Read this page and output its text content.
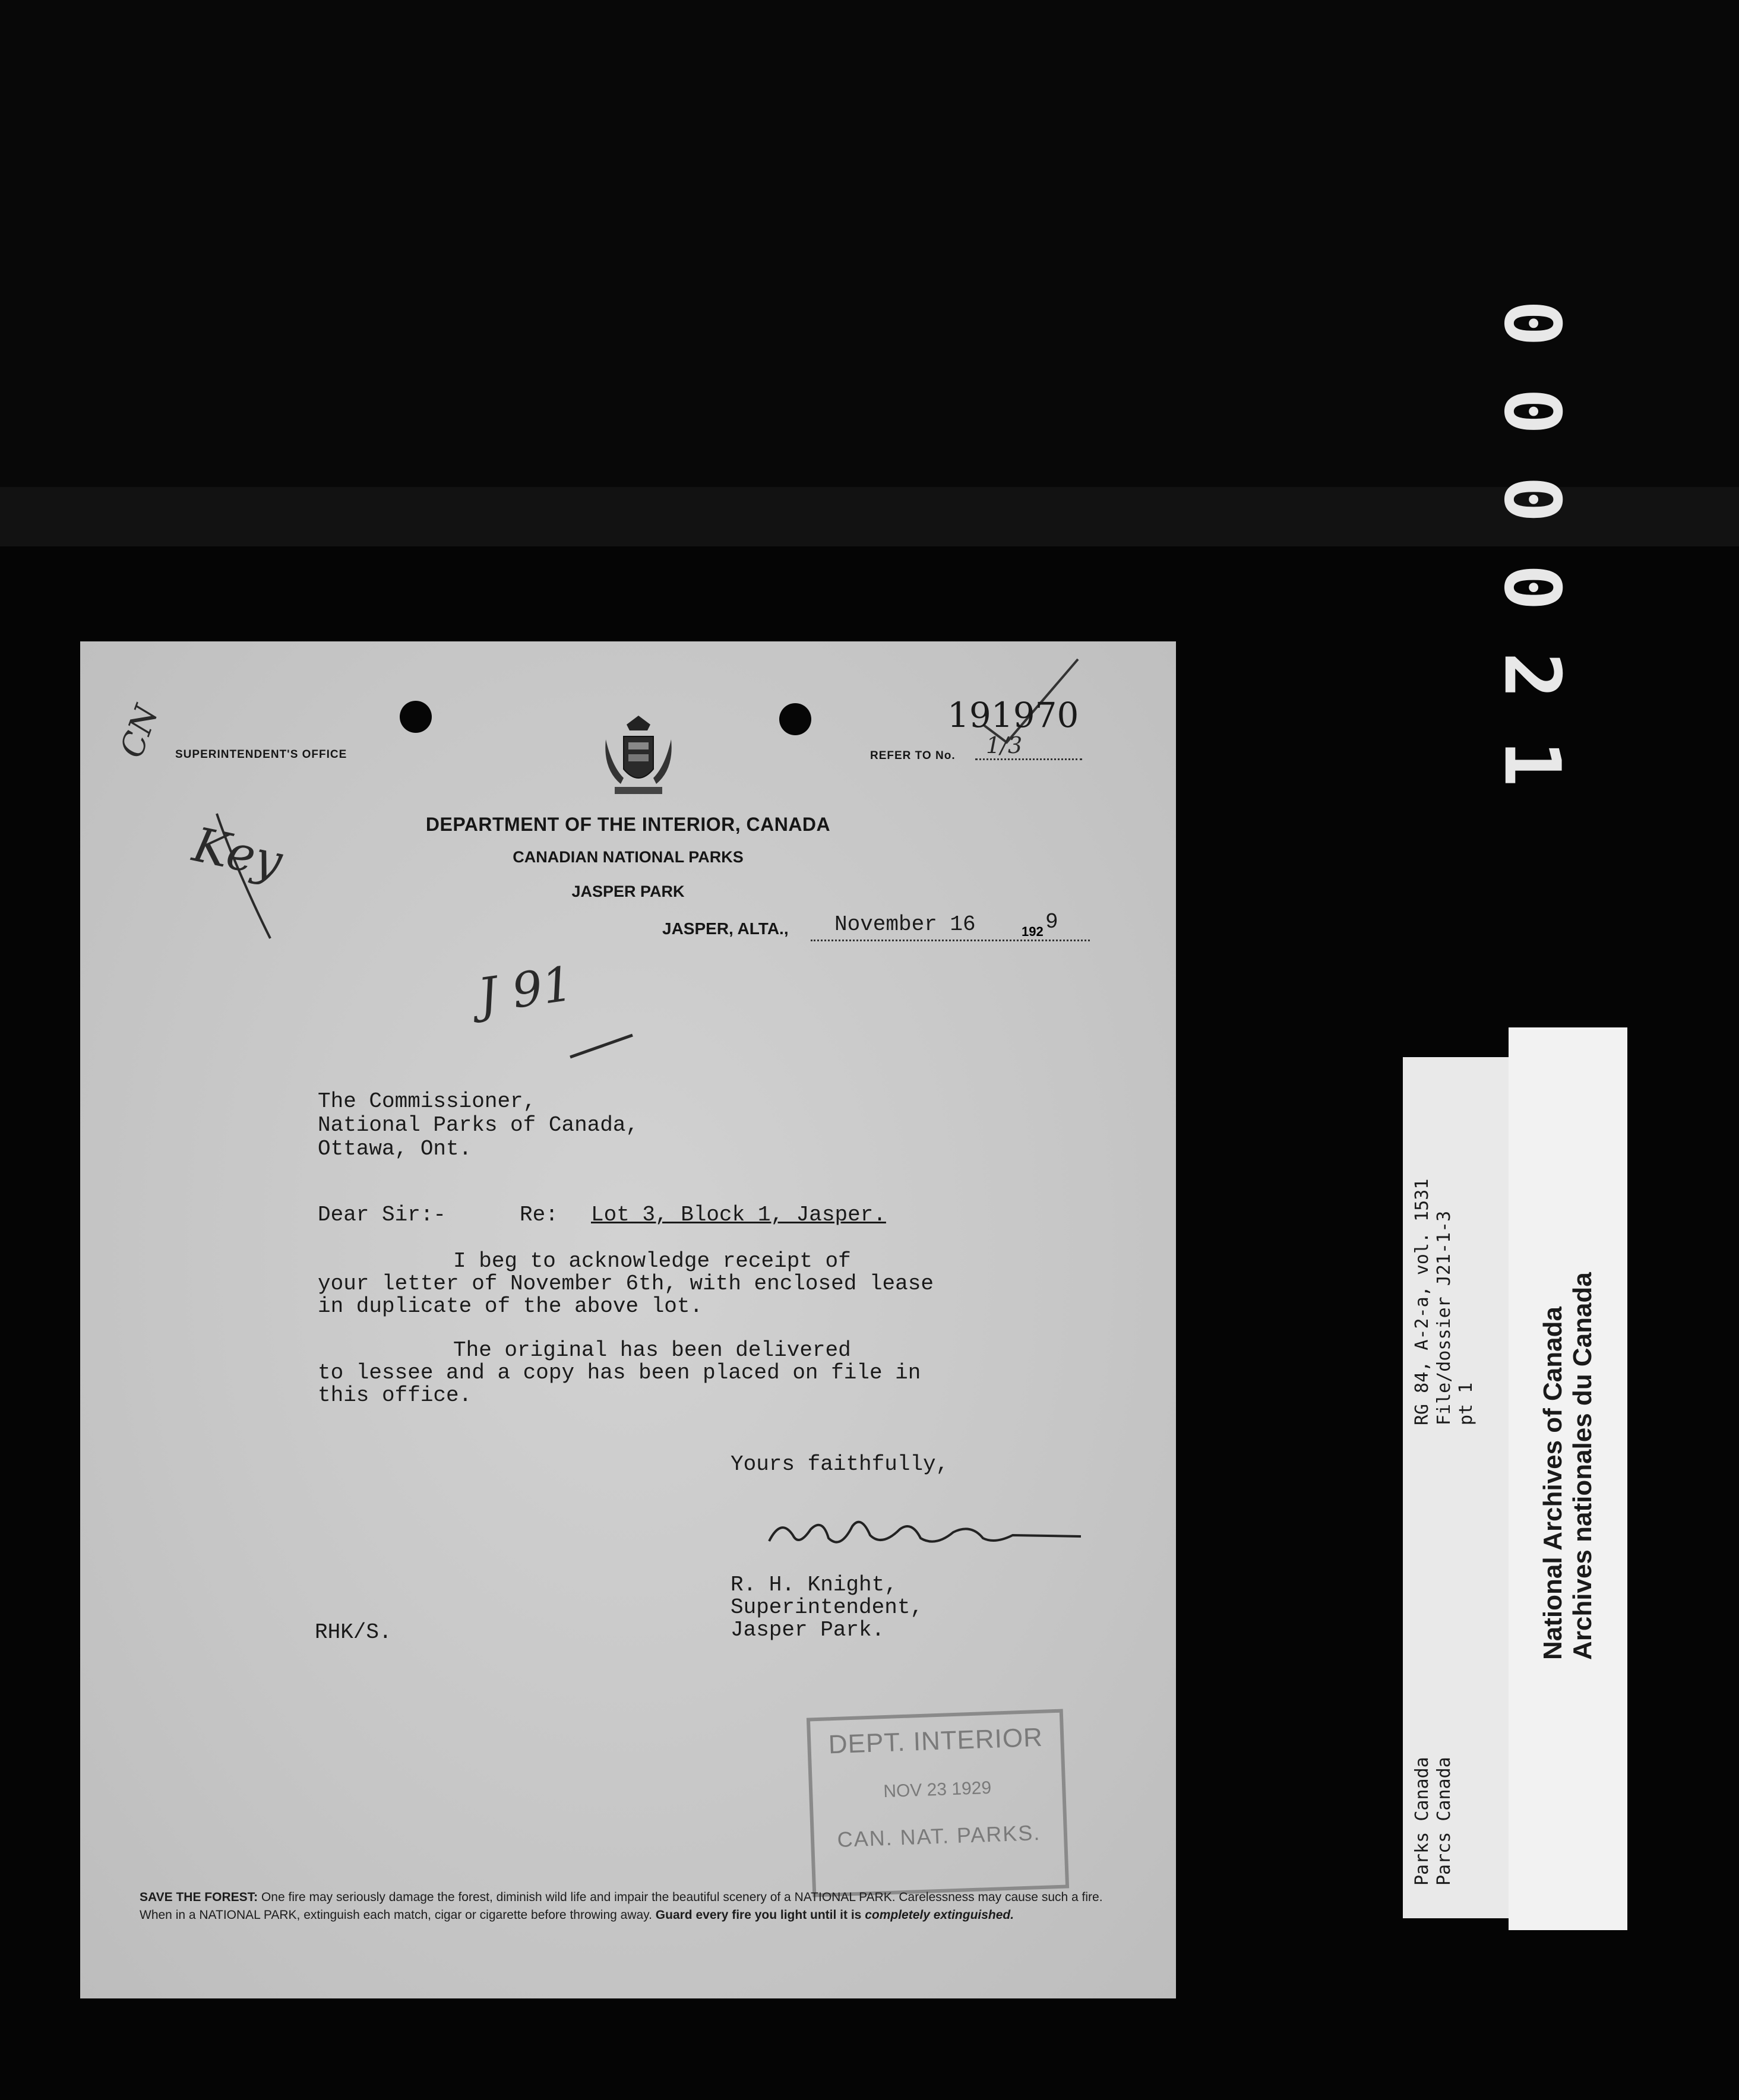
000021
CN
Key
J 91
SUPERINTENDENT'S OFFICE
191970
REFER TO No. 1/3
DEPARTMENT OF THE INTERIOR, CANADA
CANADIAN NATIONAL PARKS
JASPER PARK
JASPER, ALTA., November 16	192 9
The Commissioner,
National Parks of Canada,
Ottawa, Ont.
Dear Sir:-	Re: Lot 3, Block 1, Jasper.
I beg to acknowledge receipt of
your letter of November 6th, with enclosed lease
in duplicate of the above lot.
The original has been delivered
to lessee and a copy has been placed on file in
this office.
Yours faithfully,
R. H. Knight,
Superintendent,
Jasper Park.
RHK/S.
DEPT. INTERIOR
NOV 23 1929
CAN. NAT. PARKS.
SAVE THE FOREST: One fire may seriously damage the forest, diminish wild life and impair the beautiful scenery of a NATIONAL PARK. Carelessness may cause such a fire. When in a NATIONAL PARK, extinguish each match, cigar or cigarette before throwing away. Guard every fire you light until it is completely extinguished.
RG 84, A-2-a, vol. 1531 File/dossier J21-1-3 pt 1
Parks Canada Parcs Canada
National Archives of Canada Archives nationales du Canada
